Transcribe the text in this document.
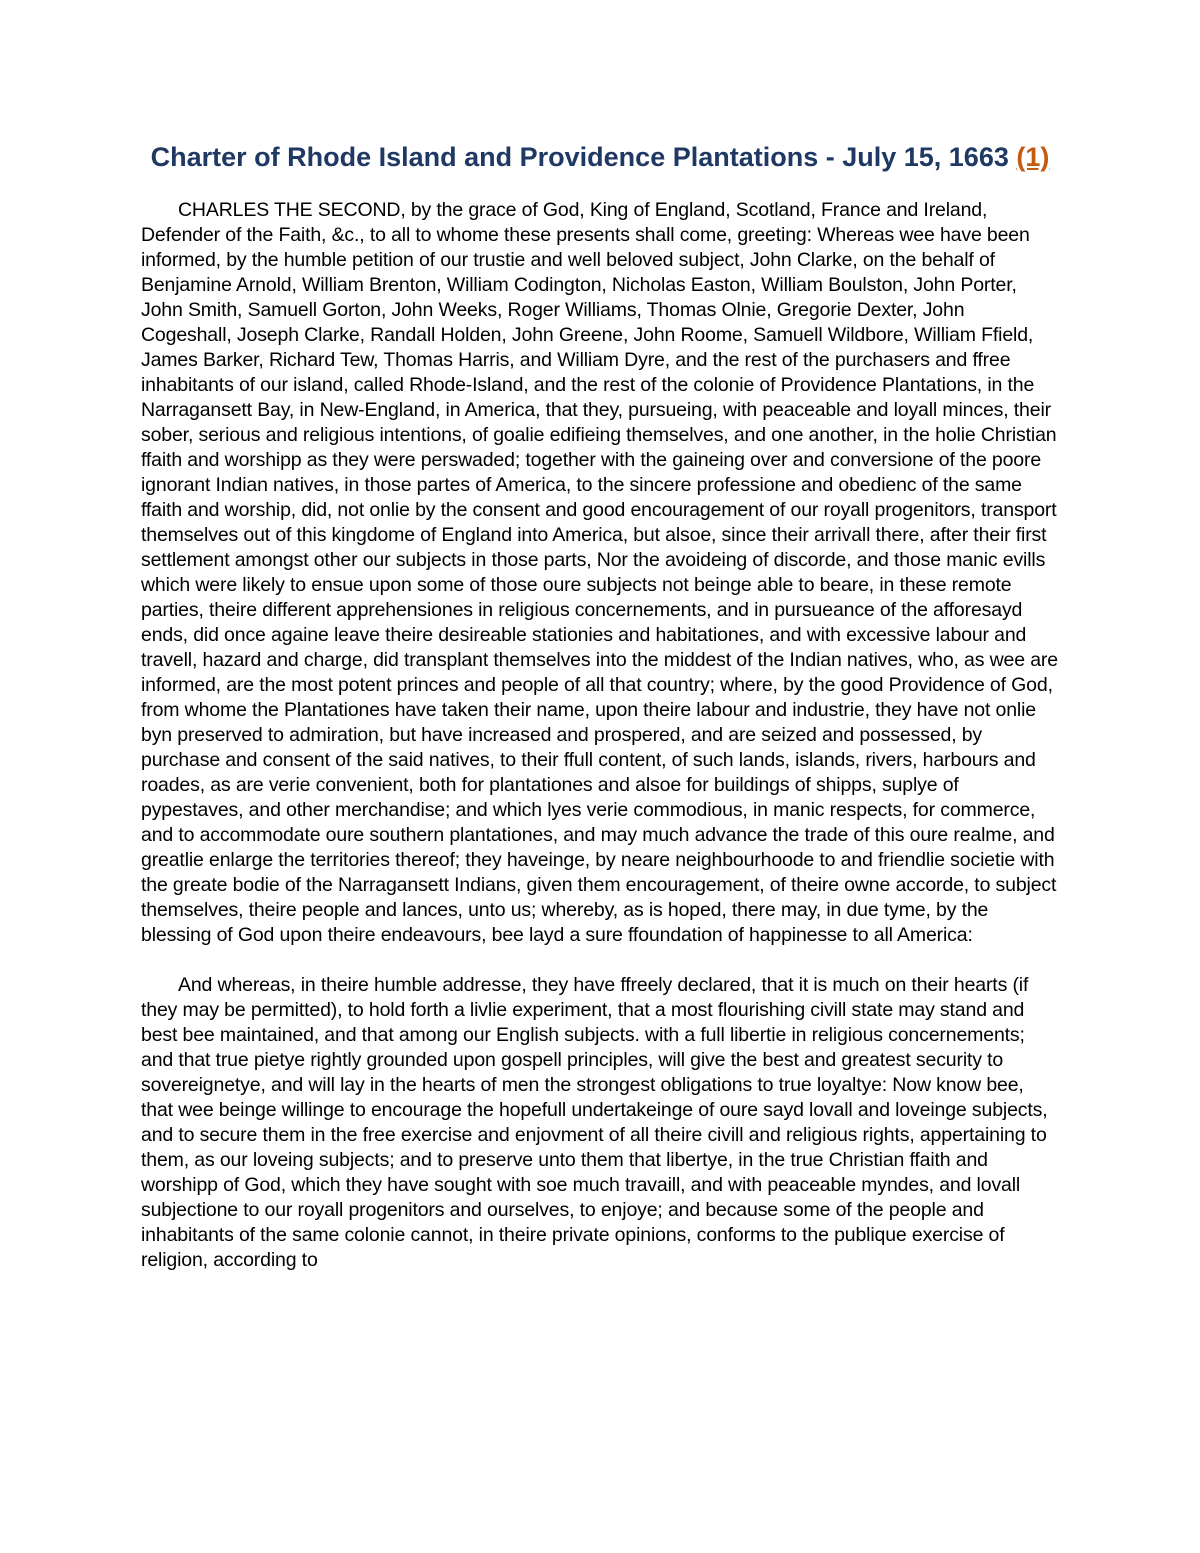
Charter of Rhode Island and Providence Plantations - July 15, 1663 (1)

CHARLES THE SECOND, by the grace of God, King of England, Scotland, France and Ireland, Defender of the Faith, &c., to all to whome these presents shall come, greeting: Whereas wee have been informed, by the humble petition of our trustie and well beloved subject, John Clarke, on the behalf of Benjamine Arnold, William Brenton, William Codington, Nicholas Easton, William Boulston, John Porter, John Smith, Samuell Gorton, John Weeks, Roger Williams, Thomas Olnie, Gregorie Dexter, John Cogeshall, Joseph Clarke, Randall Holden, John Greene, John Roome, Samuell Wildbore, William Ffield, James Barker, Richard Tew, Thomas Harris, and William Dyre, and the rest of the purchasers and ffree inhabitants of our island, called Rhode-Island, and the rest of the colonie of Providence Plantations, in the Narragansett Bay, in New-England, in America, that they, pursueing, with peaceable and loyall minces, their sober, serious and religious intentions, of goalie edifieing themselves, and one another, in the holie Christian ffaith and worshipp as they were perswaded; together with the gaineing over and conversione of the poore ignorant Indian natives, in those partes of America, to the sincere professione and obedienc of the same ffaith and worship, did, not onlie by the consent and good encouragement of our royall progenitors, transport themselves out of this kingdome of England into America, but alsoe, since their arrivall there, after their first settlement amongst other our subjects in those parts, Nor the avoideing of discorde, and those manic evills which were likely to ensue upon some of those oure subjects not beinge able to beare, in these remote parties, theire different apprehensiones in religious concernements, and in pursueance of the afforesayd ends, did once againe leave theire desireable stationies and habitationes, and with excessive labour and travell, hazard and charge, did transplant themselves into the middest of the Indian natives, who, as wee are informed, are the most potent princes and people of all that country; where, by the good Providence of God, from whome the Plantationes have taken their name, upon theire labour and industrie, they have not onlie byn preserved to admiration, but have increased and prospered, and are seized and possessed, by purchase and consent of the said natives, to their ffull content, of such lands, islands, rivers, harbours and roades, as are verie convenient, both for plantationes and alsoe for buildings of shipps, suplye of pypestaves, and other merchandise; and which lyes verie commodious, in manic respects, for commerce, and to accommodate oure southern plantationes, and may much advance the trade of this oure realme, and greatlie enlarge the territories thereof; they haveinge, by neare neighbourhoode to and friendlie societie with the greate bodie of the Narragansett Indians, given them encouragement, of theire owne accorde, to subject themselves, theire people and lances, unto us; whereby, as is hoped, there may, in due tyme, by the blessing of God upon theire endeavours, bee layd a sure ffoundation of happinesse to all America:

And whereas, in theire humble addresse, they have ffreely declared, that it is much on their hearts (if they may be permitted), to hold forth a livlie experiment, that a most flourishing civill state may stand and best bee maintained, and that among our English subjects. with a full libertie in religious concernements; and that true pietye rightly grounded upon gospell principles, will give the best and greatest security to sovereignetye, and will lay in the hearts of men the strongest obligations to true loyaltye: Now know bee, that wee beinge willinge to encourage the hopefull undertakeinge of oure sayd lovall and loveinge subjects, and to secure them in the free exercise and enjovment of all theire civill and religious rights, appertaining to them, as our loveing subjects; and to preserve unto them that libertye, in the true Christian ffaith and worshipp of God, which they have sought with soe much travaill, and with peaceable myndes, and lovall subjectione to our royall progenitors and ourselves, to enjoye; and because some of the people and inhabitants of the same colonie cannot, in theire private opinions, conforms to the publique exercise of religion, according to
